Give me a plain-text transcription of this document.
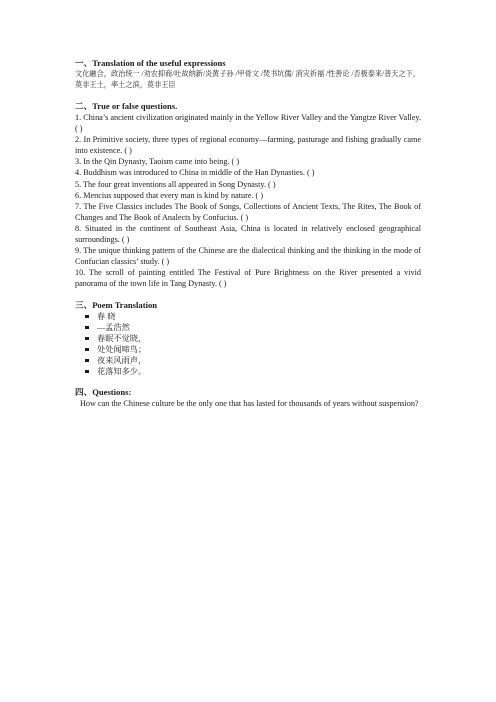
一、Translation of the useful expressions

文化融合，政治统一 /劝农抑商/吐故纳新/炎黄子孙 /甲骨文 /焚书坑儒/ 消灾祈福 /性善论 /否极泰来/普天之下，莫非王土，率土之滨，莫非王臣

二、True or false questions.

1. China’s ancient civilization originated mainly in the Yellow River Valley and the Yangtze River Valley. ( )

2. In Primitive society, three types of regional economy—farming, pasturage and fishing gradually came into existence. ( )

3. In the Qin Dynasty, Taoism came into being. ( )

4. Buddhism was introduced to China in middle of the Han Dynasties. ( )

5. The four great inventions all appeared in Song Dynasty. ( )

6. Mencius supposed that every man is kind by nature. ( )

7. The Five Classics includes The Book of Songs, Collections of Ancient Texts, The Rites, The Book of Changes and The Book of Analects by Confucius. ( )

8. Situated in the continent of Southeast Asia, China is located in relatively enclosed geographical surroundings. ( )

9. The unique thinking pattern of the Chinese are the dialectical thinking and the thinking in the mode of Confucian classics’ study. ( )

10. The scroll of painting entitled The Festival of Pure Brightness on the River presented a vivid panorama of the town life in Tang Dynasty. ( )

三、Poem Translation

春 晓
—孟浩然
春眠不觉晓，
处处闻啼鸟；
夜来风雨声，
花落知多少。

四、Questions:

How can the Chinese culture be the only one that has lasted for thousands of years without suspension?
